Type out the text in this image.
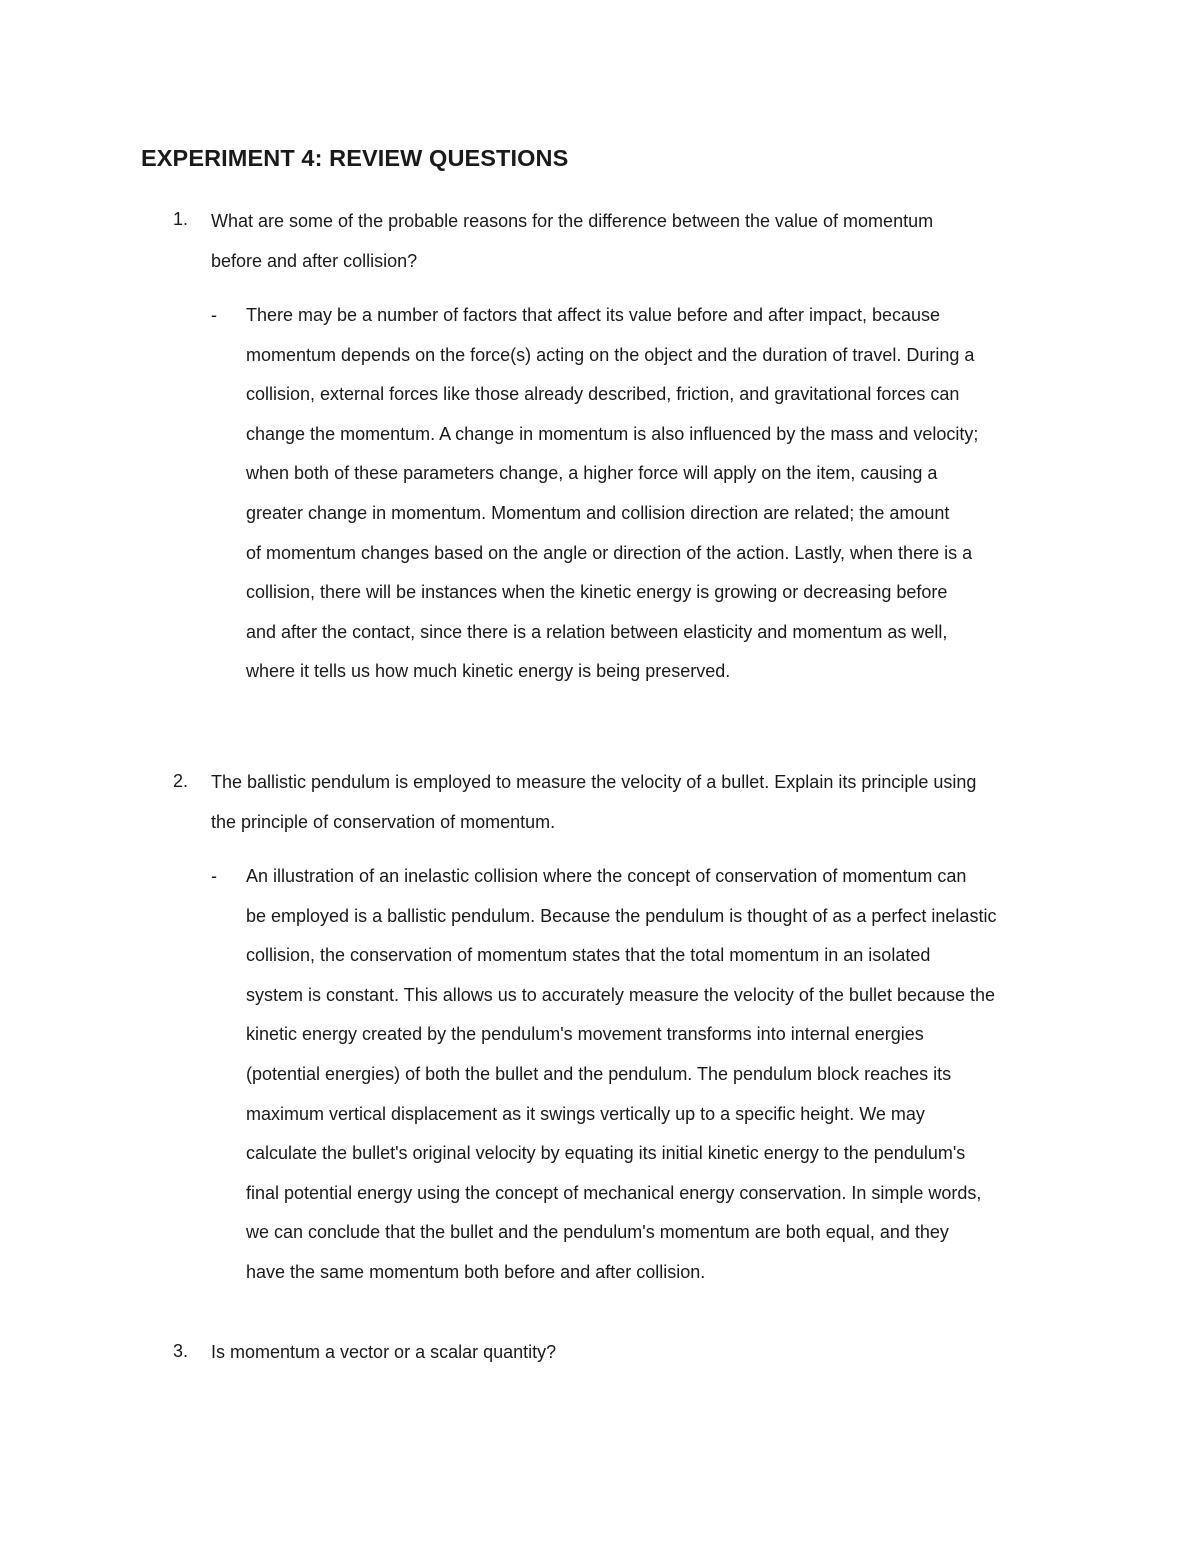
EXPERIMENT 4: REVIEW QUESTIONS
1. What are some of the probable reasons for the difference between the value of momentum
before and after collision?

- There may be a number of factors that affect its value before and after impact, because
momentum depends on the force(s) acting on the object and the duration of travel. During a
collision, external forces like those already described, friction, and gravitational forces can
change the momentum. A change in momentum is also influenced by the mass and velocity;
when both of these parameters change, a higher force will apply on the item, causing a
greater change in momentum. Momentum and collision direction are related; the amount
of momentum changes based on the angle or direction of the action. Lastly, when there is a
collision, there will be instances when the kinetic energy is growing or decreasing before
and after the contact, since there is a relation between elasticity and momentum as well,
where it tells us how much kinetic energy is being preserved.

2. The ballistic pendulum is employed to measure the velocity of a bullet. Explain its principle using
the principle of conservation of momentum.

- An illustration of an inelastic collision where the concept of conservation of momentum can
be employed is a ballistic pendulum. Because the pendulum is thought of as a perfect inelastic
collision, the conservation of momentum states that the total momentum in an isolated
system is constant. This allows us to accurately measure the velocity of the bullet because the
kinetic energy created by the pendulum's movement transforms into internal energies
(potential energies) of both the bullet and the pendulum. The pendulum block reaches its
maximum vertical displacement as it swings vertically up to a specific height. We may
calculate the bullet's original velocity by equating its initial kinetic energy to the pendulum's
final potential energy using the concept of mechanical energy conservation. In simple words,
we can conclude that the bullet and the pendulum's momentum are both equal, and they
have the same momentum both before and after collision.

3. Is momentum a vector or a scalar quantity?
